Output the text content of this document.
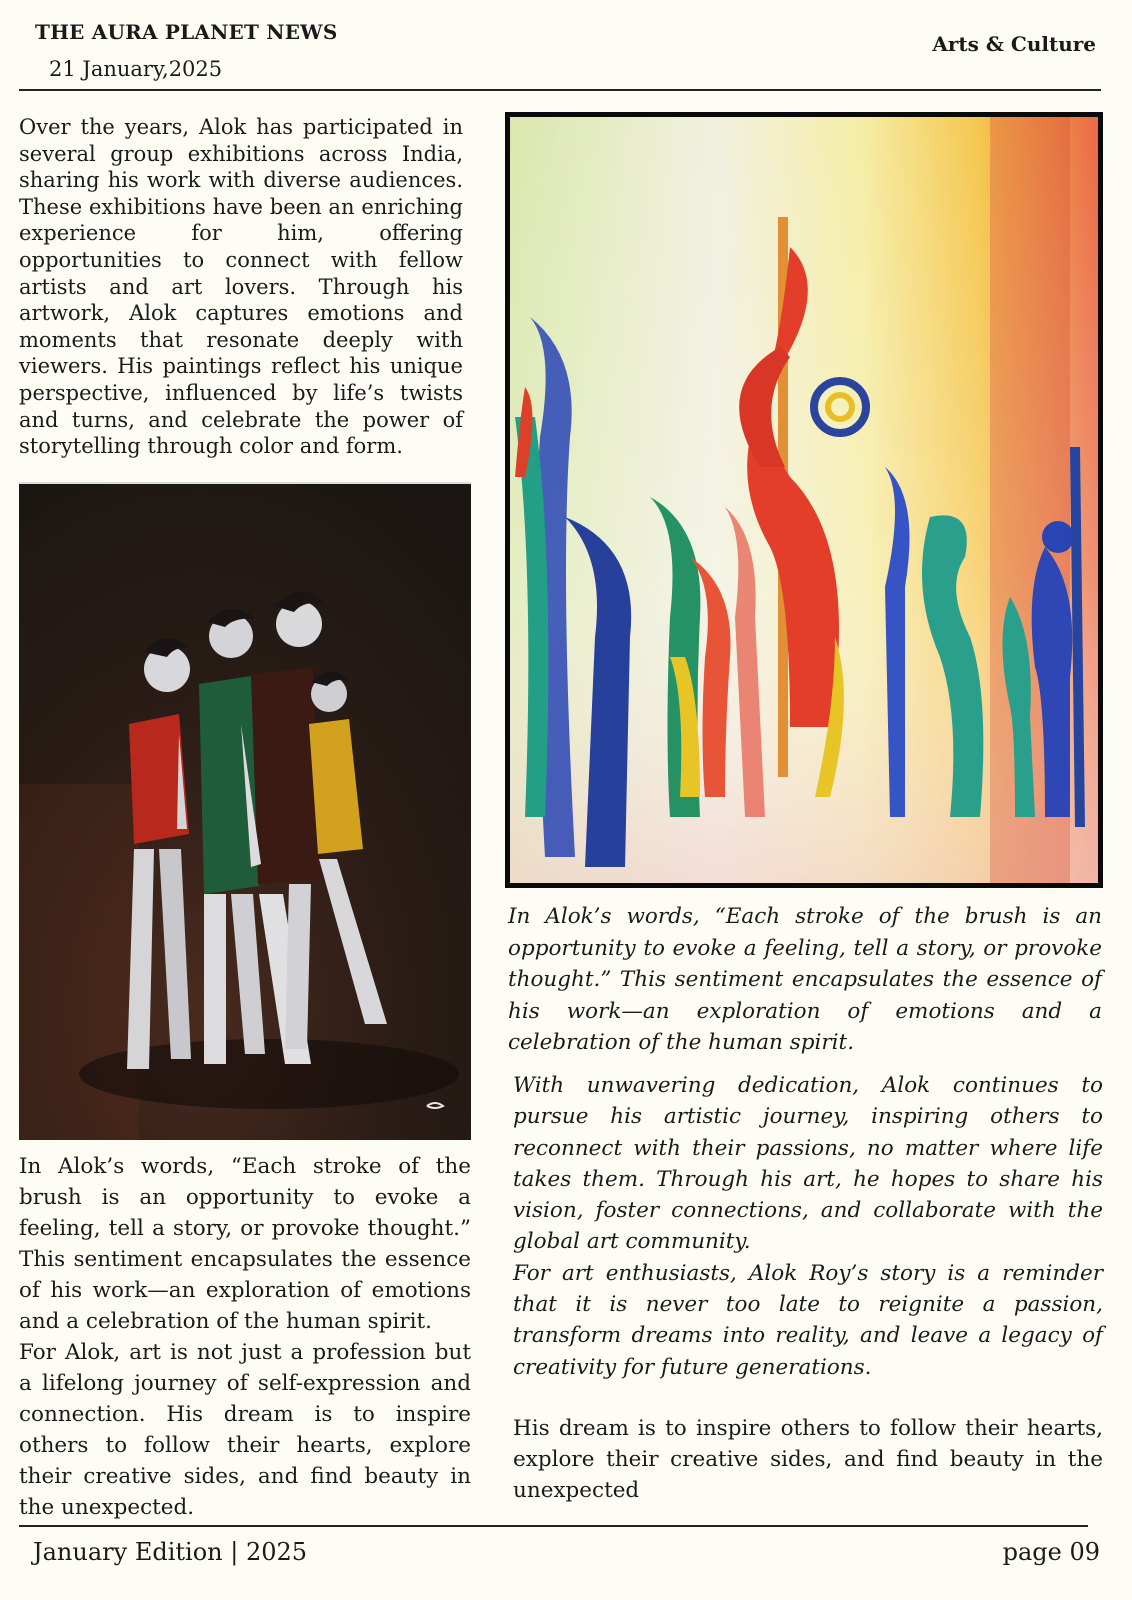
THE AURA PLANET NEWS
21 January,2025
Arts & Culture

Over the years, Alok has participated in several group exhibitions across India, sharing his work with diverse audiences. These exhibitions have been an enriching experience for him, offering opportunities to connect with fellow artists and art lovers. Through his artwork, Alok captures emotions and moments that resonate deeply with viewers. His paintings reflect his unique perspective, influenced by life’s twists and turns, and celebrate the power of storytelling through color and form.

In Alok’s words, “Each stroke of the brush is an opportunity to evoke a feeling, tell a story, or provoke thought.” This sentiment encapsulates the essence of his work—an exploration of emotions and a celebration of the human spirit.
For Alok, art is not just a profession but a lifelong journey of self-expression and connection. His dream is to inspire others to follow their hearts, explore their creative sides, and find beauty in the unexpected.

In Alok’s words, “Each stroke of the brush is an opportunity to evoke a feeling, tell a story, or provoke thought.” This sentiment encapsulates the essence of his work—an exploration of emotions and a celebration of the human spirit.

With unwavering dedication, Alok continues to pursue his artistic journey, inspiring others to reconnect with their passions, no matter where life takes them. Through his art, he hopes to share his vision, foster connections, and collaborate with the global art community.
For art enthusiasts, Alok Roy’s story is a reminder that it is never too late to reignite a passion, transform dreams into reality, and leave a legacy of creativity for future generations.

His dream is to inspire others to follow their hearts, explore their creative sides, and find beauty in the unexpected

January Edition | 2025	page 09
